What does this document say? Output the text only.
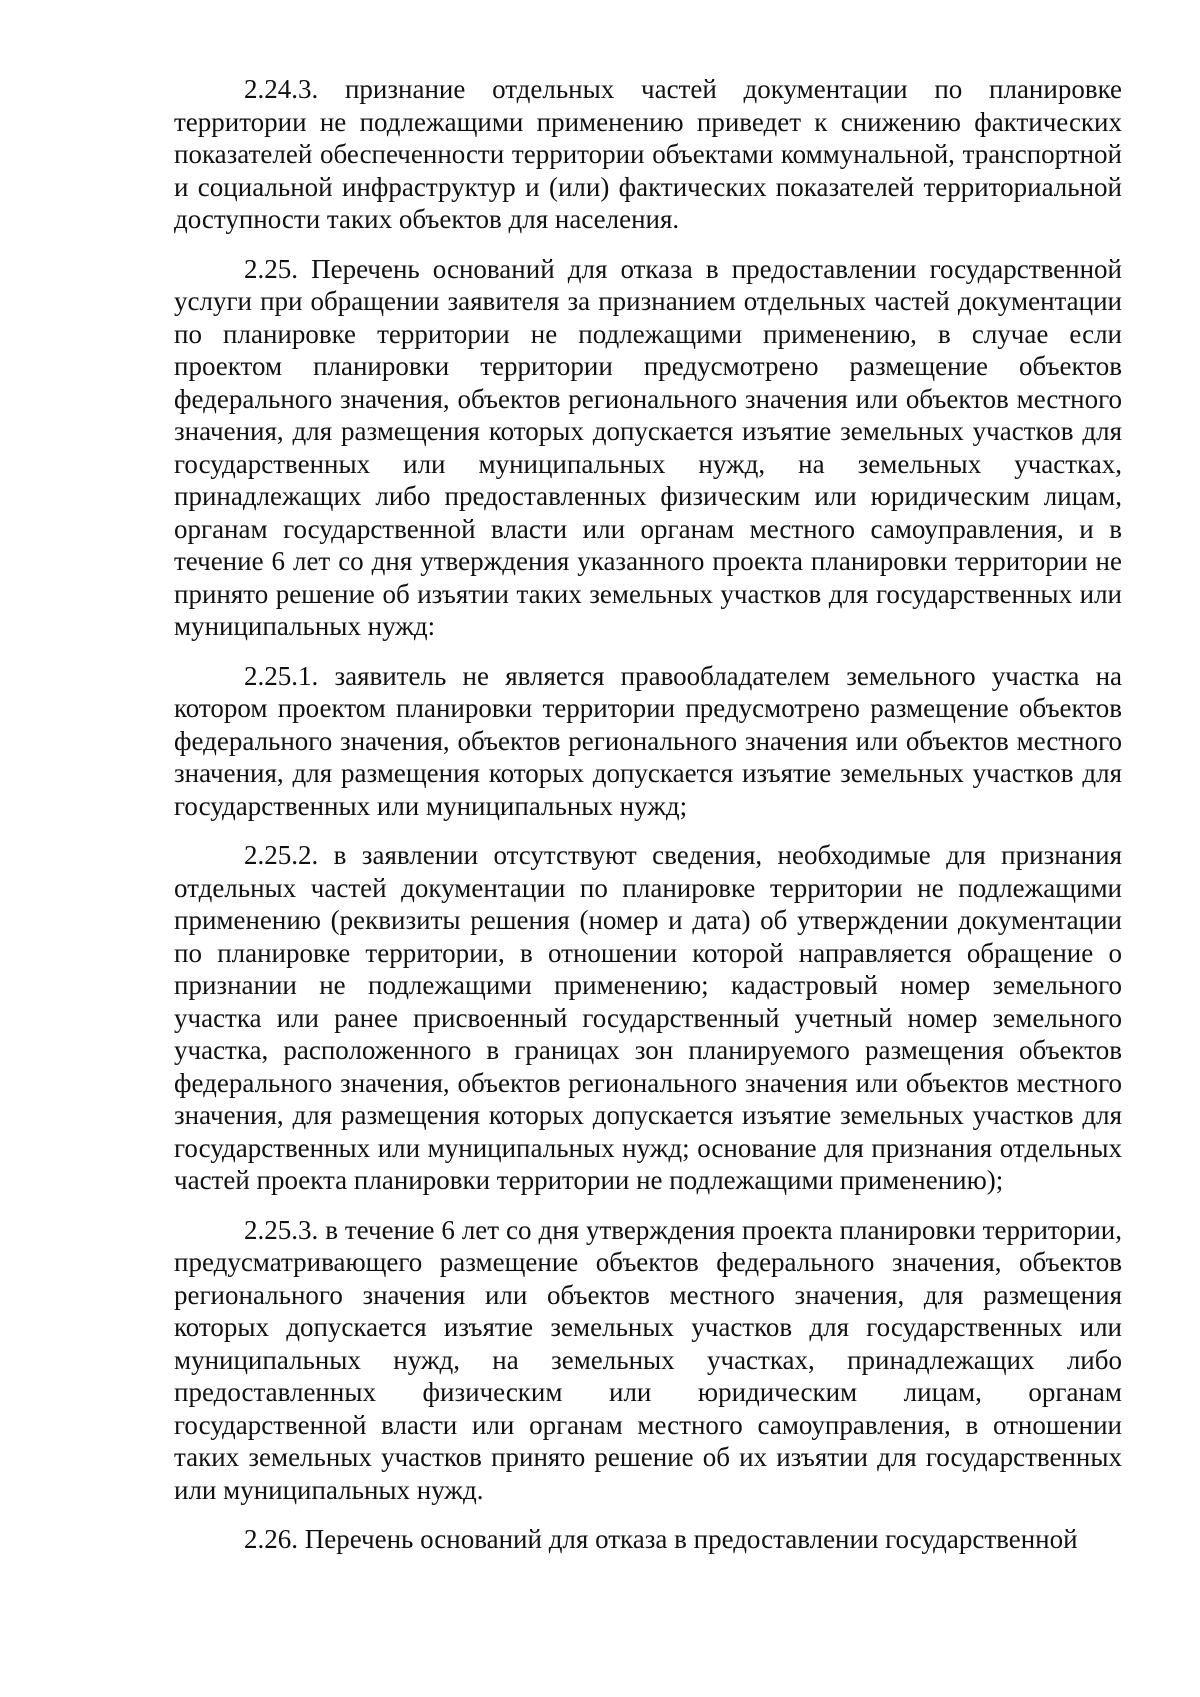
2.24.3. признание отдельных частей документации по планировке территории не подлежащими применению приведет к снижению фактических показателей обеспеченности территории объектами коммунальной, транспортной и социальной инфраструктур и (или) фактических показателей территориальной доступности таких объектов для населения.

2.25. Перечень оснований для отказа в предоставлении государственной услуги при обращении заявителя за признанием отдельных частей документации по планировке территории не подлежащими применению, в случае если проектом планировки территории предусмотрено размещение объектов федерального значения, объектов регионального значения или объектов местного значения, для размещения которых допускается изъятие земельных участков для государственных или муниципальных нужд, на земельных участках, принадлежащих либо предоставленных физическим или юридическим лицам, органам государственной власти или органам местного самоуправления, и в течение 6 лет со дня утверждения указанного проекта планировки территории не принято решение об изъятии таких земельных участков для государственных или муниципальных нужд:

2.25.1. заявитель не является правообладателем земельного участка на котором проектом планировки территории предусмотрено размещение объектов федерального значения, объектов регионального значения или объектов местного значения, для размещения которых допускается изъятие земельных участков для государственных или муниципальных нужд;

2.25.2. в заявлении отсутствуют сведения, необходимые для признания отдельных частей документации по планировке территории не подлежащими применению (реквизиты решения (номер и дата) об утверждении документации по планировке территории, в отношении которой направляется обращение о признании не подлежащими применению; кадастровый номер земельного участка или ранее присвоенный государственный учетный номер земельного участка, расположенного в границах зон планируемого размещения объектов федерального значения, объектов регионального значения или объектов местного значения, для размещения которых допускается изъятие земельных участков для государственных или муниципальных нужд; основание для признания отдельных частей проекта планировки территории не подлежащими применению);

2.25.3. в течение 6 лет со дня утверждения проекта планировки территории, предусматривающего размещение объектов федерального значения, объектов регионального значения или объектов местного значения, для размещения которых допускается изъятие земельных участков для государственных или муниципальных нужд, на земельных участках, принадлежащих либо предоставленных физическим или юридическим лицам, органам государственной власти или органам местного самоуправления, в отношении таких земельных участков принято решение об их изъятии для государственных или муниципальных нужд.

2.26. Перечень оснований для отказа в предоставлении государственной
